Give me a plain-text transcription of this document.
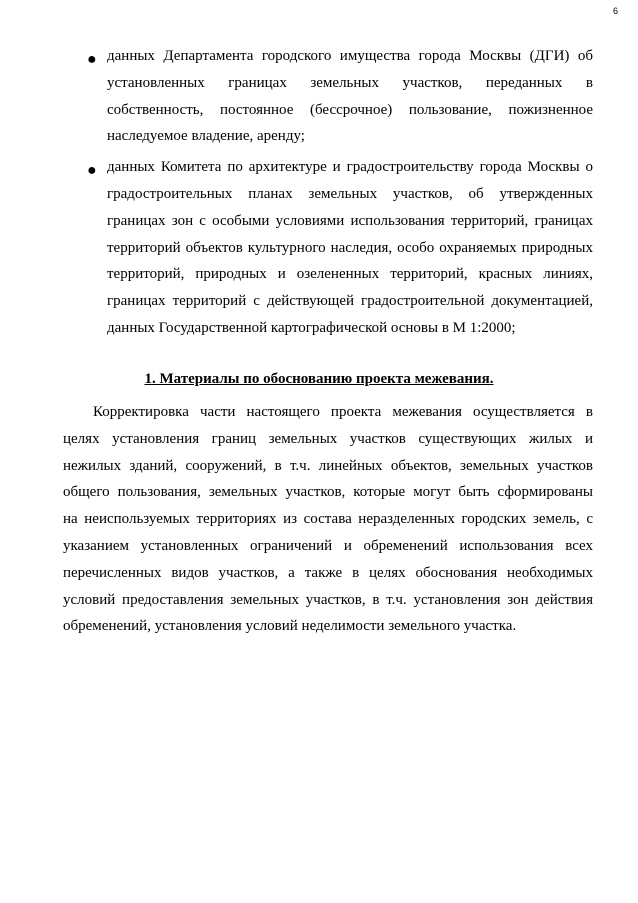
6
● данных Департамента городского имущества города Москвы (ДГИ) об
установленных границах земельных участков, переданных в
собственность, постоянное (бессрочное) пользование, пожизненное
наследуемое владение, аренду;
● данных Комитета по архитектуре и градостроительству города Москвы о
градостроительных планах земельных участков, об утвержденных
границах зон с особыми условиями использования территорий, границах
территорий объектов культурного наследия, особо охраняемых природных
территорий, природных и озелененных территорий, красных линиях,
границах территорий с действующей градостроительной документацией,
данных Государственной картографической основы в М 1:2000;
1. Материалы по обоснованию проекта межевания.
Корректировка части настоящего проекта межевания осуществляется в
целях установления границ земельных участков существующих жилых и
нежилых зданий, сооружений, в т.ч. линейных объектов, земельных участков
общего пользования, земельных участков, которые могут быть сформированы
на неиспользуемых территориях из состава неразделенных городских земель, с
указанием установленных ограничений и обременений использования всех
перечисленных видов участков, а также в целях обоснования необходимых
условий предоставления земельных участков, в т.ч. установления зон действия
обременений, установления условий неделимости земельного участка.
